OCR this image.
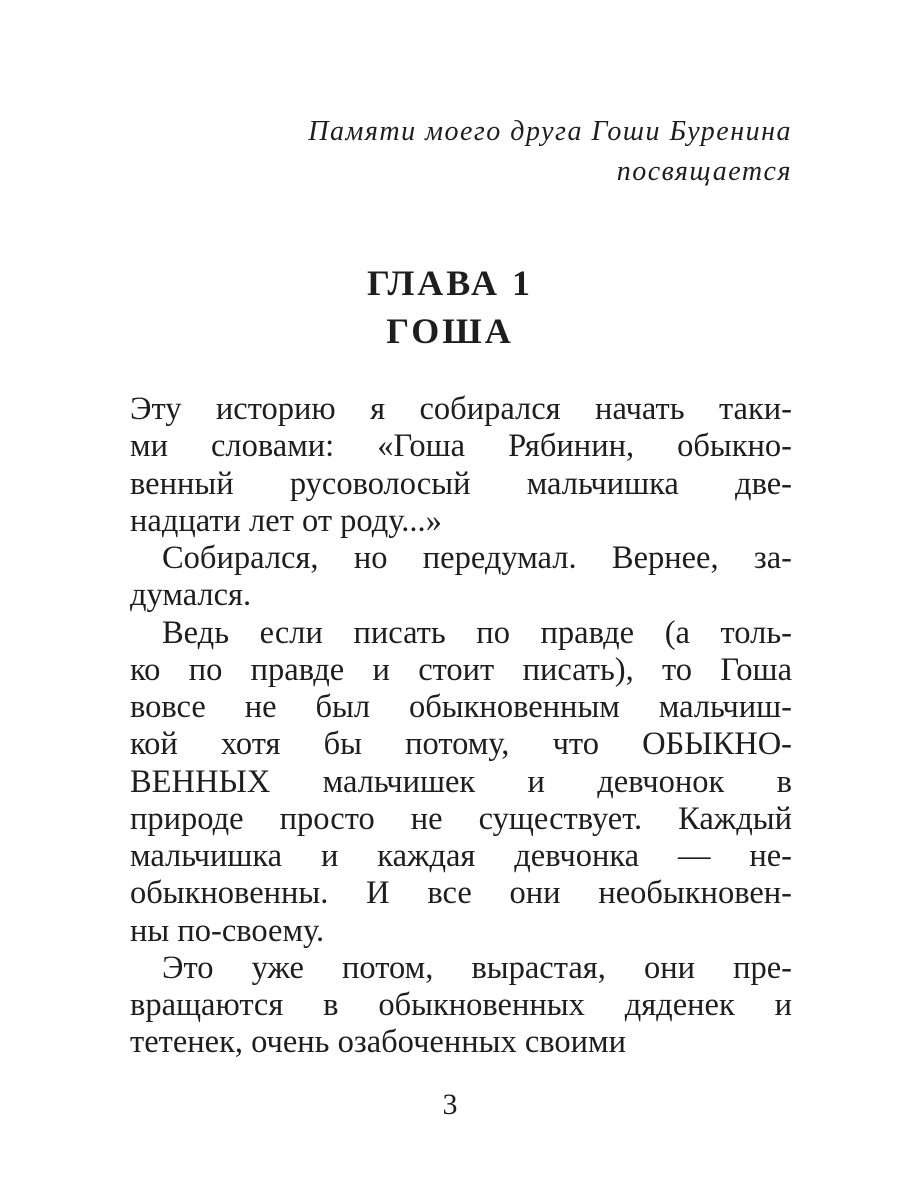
Памяти моего друга Гоши Буренина
посвящается
ГЛАВА 1
ГОША
Эту историю я собирался начать таки-
ми словами: «Гоша Рябинин, обыкно-
венный русоволосый мальчишка две-
надцати лет от роду...»
Собирался, но передумал. Вернее, за-
думался.
Ведь если писать по правде (а толь-
ко по правде и стоит писать), то Гоша
вовсе не был обыкновенным мальчиш-
кой хотя бы потому, что ОБЫКНО-
ВЕННЫХ мальчишек и девчонок в
природе просто не существует. Каждый
мальчишка и каждая девчонка — не-
обыкновенны. И все они необыкновен-
ны по-своему.
Это уже потом, вырастая, они пре-
вращаются в обыкновенных дяденек и
тетенек, очень озабоченных своими
3
